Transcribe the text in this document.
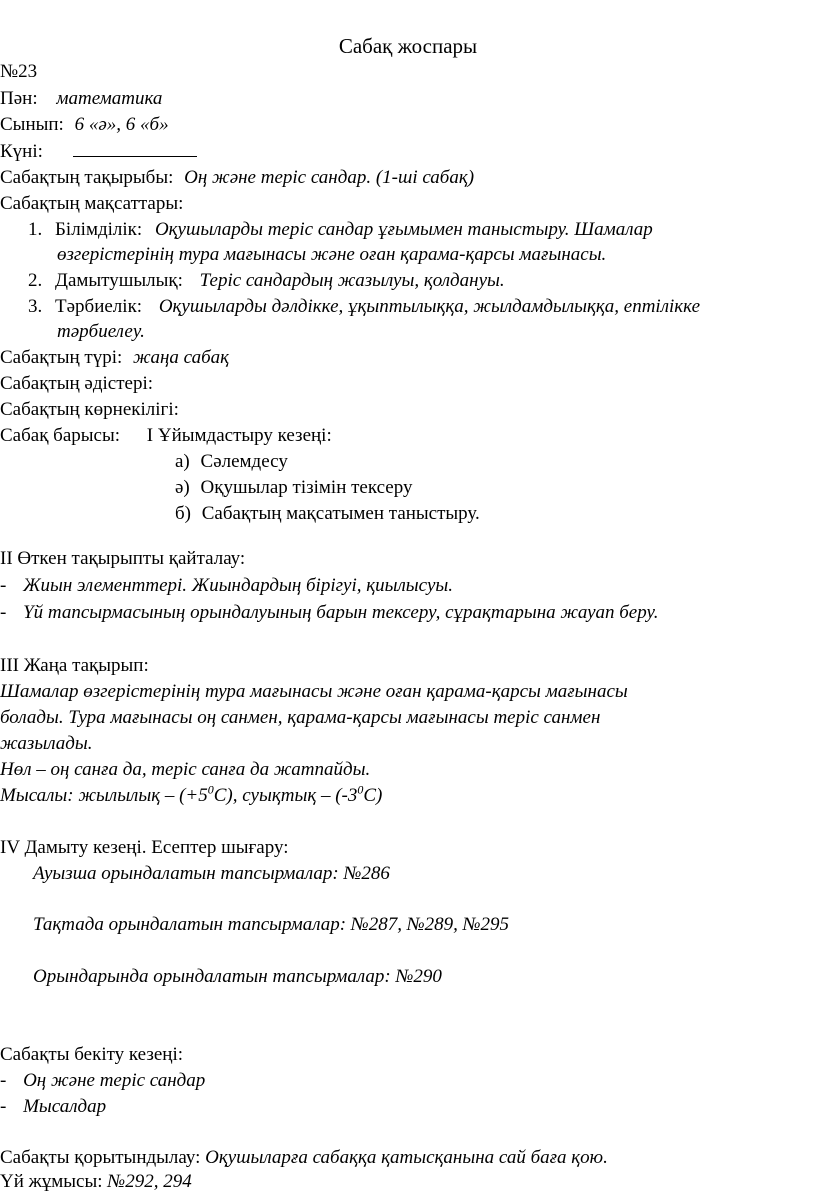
Сабақ жоспары
№23
Пән: математика
Сынып: 6 «ә», 6 «б»
Күні:
Сабақтың тақырыбы: Оң және теріс сандар. (1-ші сабақ)
Сабақтың мақсаттары:
1. Білімділік: Оқушыларды теріс сандар ұғымымен таныстыру. Шамалар
өзгерістерінің тура мағынасы және оған қарама-қарсы мағынасы.
2. Дамытушылық: Теріс сандардың жазылуы, қолдануы.
3. Тәрбиелік: Оқушыларды дәлдікке, ұқыптылыққа, жылдамдылыққа, ептілікке
тәрбиелеу.
Сабақтың түрі: жаңа сабақ
Сабақтың әдістері:
Сабақтың көрнекілігі:
Сабақ барысы: I Ұйымдастыру кезеңі:
а) Сәлемдесу
ә) Оқушылар тізімін тексеру
б) Сабақтың мақсатымен таныстыру.
II Өткен тақырыпты қайталау:
- Жиын элементтері. Жиындардың бірігуі, қиылысуы.
- Үй тапсырмасының орындалуының барын тексеру, сұрақтарына жауап беру.
III Жаңа тақырып:
Шамалар өзгерістерінің тура мағынасы және оған қарама-қарсы мағынасы
болады. Тура мағынасы оң санмен, қарама-қарсы мағынасы теріс санмен
жазылады.
Нөл – оң санға да, теріс санға да жатпайды.
Мысалы: жылылық – $(+5^0С)$, суықтық – $(-3^0С)$
IV Дамыту кезеңі. Есептер шығару:
Ауызша орындалатын тапсырмалар: №286
Тақтада орындалатын тапсырмалар: №287, №289, №295
Орындарында орындалатын тапсырмалар: №290
Сабақты бекіту кезеңі:
- Оң және теріс сандар
- Мысалдар
Сабақты қорытындылау: Оқушыларға сабаққа қатысқанына сай баға қою.
Үй жұмысы: №292, 294
